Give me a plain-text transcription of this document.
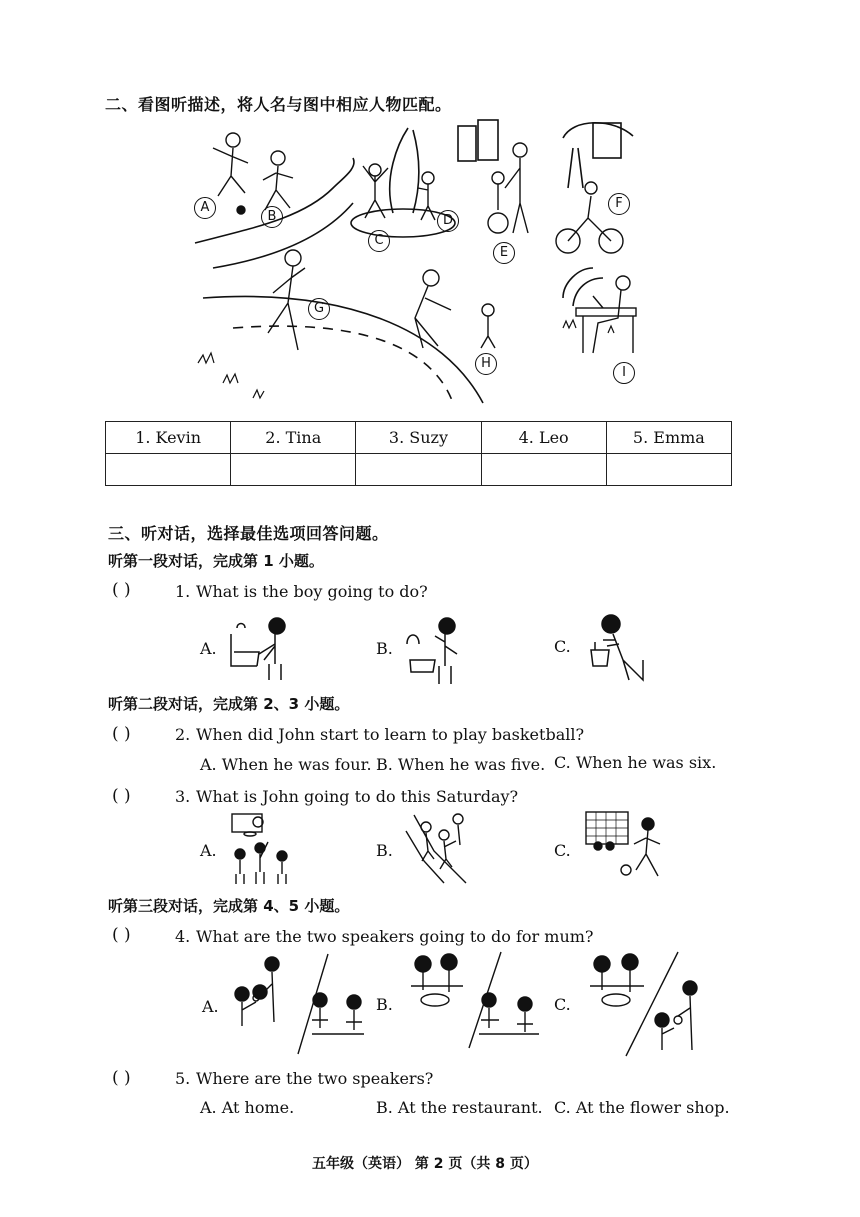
二、看图听描述，将人名与图中相应人物匹配。
A
B
C
D
E
F
G
H
I
1. Kevin	2. Tina	3. Suzy	4. Leo	5. Emma

三、听对话，选择最佳选项回答问题。
听第一段对话，完成第 1 小题。
( )	1. What is the boy going to do?
A.	B.	C.
听第二段对话，完成第 2、3 小题。
( )	2. When did John start to learn to play basketball?
A. When he was four. B. When he was five. C. When he was six.
( )	3. What is John going to do this Saturday?
A.	B.	C.
听第三段对话，完成第 4、5 小题。
( )	4. What are the two speakers going to do for mum?
A.	B.	C.
( )	5. Where are the two speakers?
A. At home.	B. At the restaurant. C. At the flower shop.
五年级（英语） 第 2 页（共 8 页）
